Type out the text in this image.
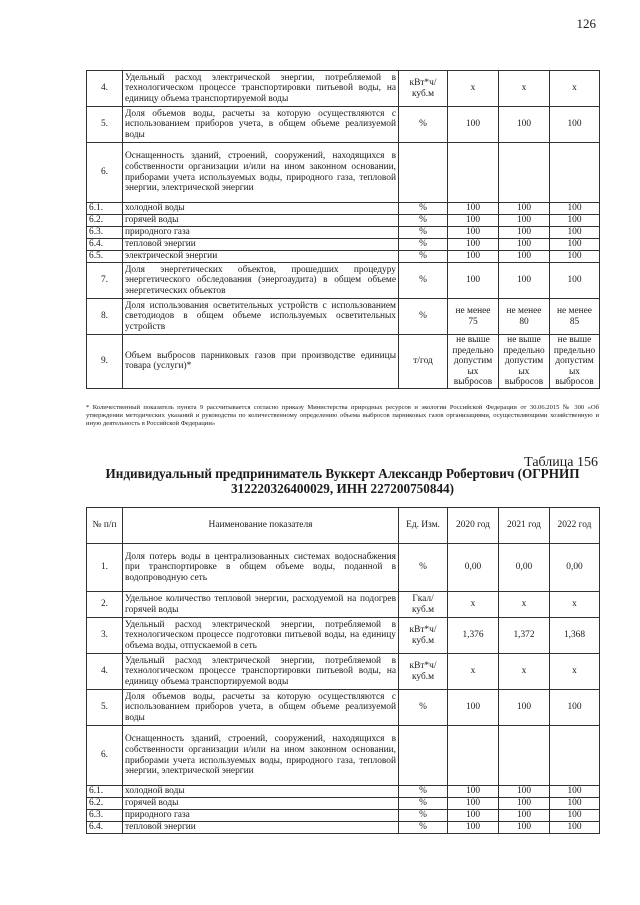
126
4.	Удельный расход электрической энергии, потребляемой в технологическом процессе транспортировки питьевой воды, на единицу объема транспортируемой воды	кВт*ч/ куб.м	x	x	x
5.	Доля объемов воды, расчеты за которую осуществляются с использованием приборов учета, в общем объеме реализуемой воды	%	100	100	100
6.	Оснащенность зданий, строений, сооружений, находящихся в собственности организации и/или на ином законном основании, приборами учета используемых воды, природного газа, тепловой энергии, электрической энергии				
6.1.	холодной воды	%	100	100	100
6.2.	горячей воды	%	100	100	100
6.3.	природного газа	%	100	100	100
6.4.	тепловой энергии	%	100	100	100
6.5.	электрической энергии	%	100	100	100
7.	Доля энергетических объектов, прошедших процедуру энергетического обследования (энергоаудита) в общем объеме энергетических объектов	%	100	100	100
8.	Доля использования осветительных устройств с использованием светодиодов в общем объеме используемых осветительных устройств	%	не менее 75	не менее 80	не менее 85
9.	Объем выбросов парниковых газов при производстве единицы товара (услуги)*	т/год	не выше предельно допустим ых выбросов	не выше предельно допустим ых выбросов	не выше предельно допустим ых выбросов
* Количественный показатель пункта 9 рассчитывается согласно приказу Министерства природных ресурсов и экологии Российской Федерации от 30.06.2015 № 300 «Об утверждении методических указаний и руководства по количественному определению объема выбросов парниковых газов организациями, осуществляющими хозяйственную и иную деятельность в Российской Федерации»
Таблица 156
Индивидуальный предприниматель Вуккерт Александр Робертович (ОГРНИП 312220326400029, ИНН 227200750844)
№ п/п	Наименование показателя	Ед. Изм.	2020 год	2021 год	2022 год
1.	Доля потерь воды в централизованных системах водоснабжения при транспортировке в общем объеме воды, поданной в водопроводную сеть	%	0,00	0,00	0,00
2.	Удельное количество тепловой энергии, расходуемой на подогрев горячей воды	Гкал/ куб.м	x	x	x
3.	Удельный расход электрической энергии, потребляемой в технологическом процессе подготовки питьевой воды, на единицу объема воды, отпускаемой в сеть	кВт*ч/ куб.м	1,376	1,372	1,368
4.	Удельный расход электрической энергии, потребляемой в технологическом процессе транспортировки питьевой воды, на единицу объема транспортируемой воды	кВт*ч/ куб.м	x	x	x
5.	Доля объемов воды, расчеты за которую осуществляются с использованием приборов учета, в общем объеме реализуемой воды	%	100	100	100
6.	Оснащенность зданий, строений, сооружений, находящихся в собственности организации и/или на ином законном основании, приборами учета используемых воды, природного газа, тепловой энергии, электрической энергии				
6.1.	холодной воды	%	100	100	100
6.2.	горячей воды	%	100	100	100
6.3.	природного газа	%	100	100	100
6.4.	тепловой энергии	%	100	100	100
